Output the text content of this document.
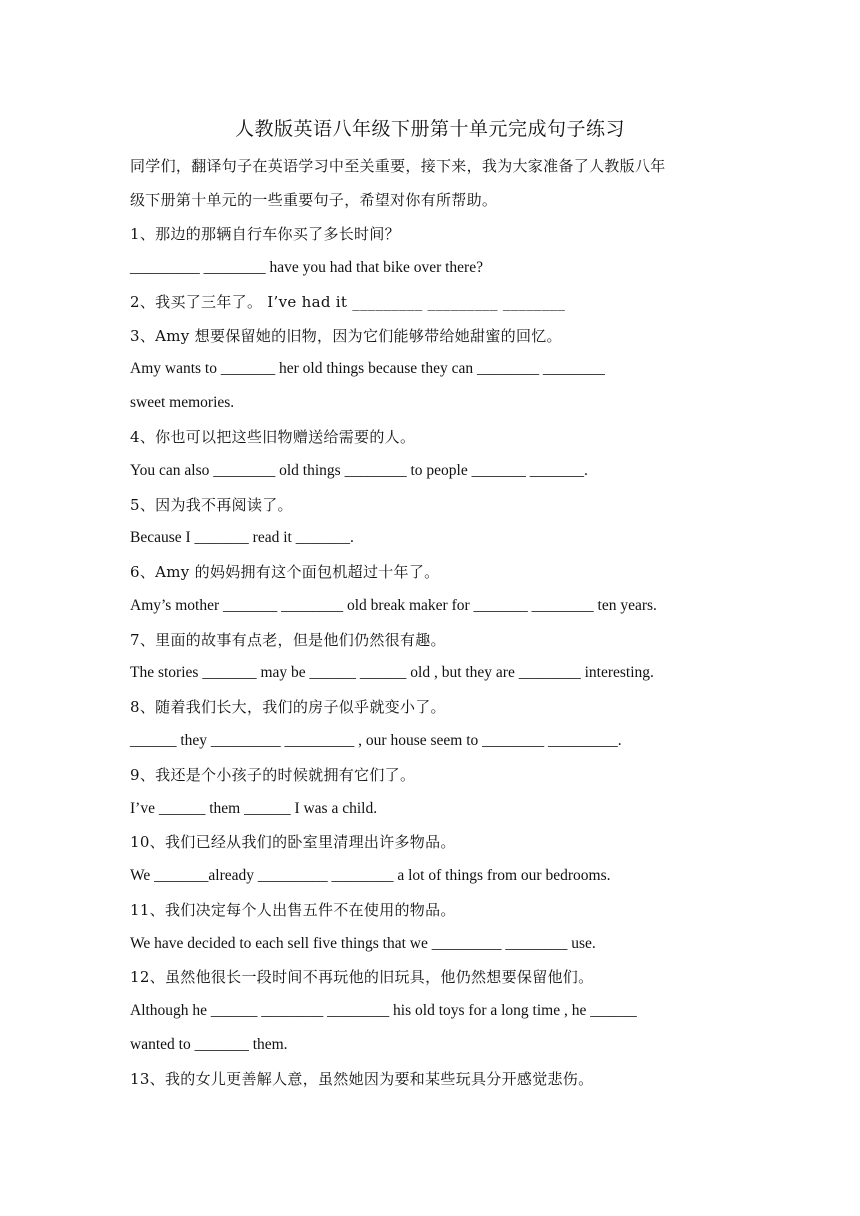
人教版英语八年级下册第十单元完成句子练习
同学们，翻译句子在英语学习中至关重要，接下来，我为大家准备了人教版八年
级下册第十单元的一些重要句子，希望对你有所帮助。
1、那边的那辆自行车你买了多长时间？
_________ ________ have you had that bike over there?
2、我买了三年了。 I’ve had it _________ _________ ________
3、Amy 想要保留她的旧物，因为它们能够带给她甜蜜的回忆。
Amy wants to _______ her old things because they can ________ ________
sweet memories.
4、你也可以把这些旧物赠送给需要的人。
You can also ________ old things ________ to people _______ _______.
5、因为我不再阅读了。
Because I _______ read it _______.
6、Amy 的妈妈拥有这个面包机超过十年了。
Amy’s mother _______ ________ old break maker for _______ ________ ten years.
7、里面的故事有点老，但是他们仍然很有趣。
The stories _______ may be ______ ______ old , but they are ________ interesting.
8、随着我们长大，我们的房子似乎就变小了。
______ they _________ _________ , our house seem to ________ _________.
9、我还是个小孩子的时候就拥有它们了。
I’ve ______ them ______ I was a child.
10、我们已经从我们的卧室里清理出许多物品。
We _______already _________ ________ a lot of things from our bedrooms.
11、我们决定每个人出售五件不在使用的物品。
We have decided to each sell five things that we _________ ________ use.
12、虽然他很长一段时间不再玩他的旧玩具，他仍然想要保留他们。
Although he ______ ________ ________ his old toys for a long time , he ______
wanted to _______ them.
13、我的女儿更善解人意，虽然她因为要和某些玩具分开感觉悲伤。
